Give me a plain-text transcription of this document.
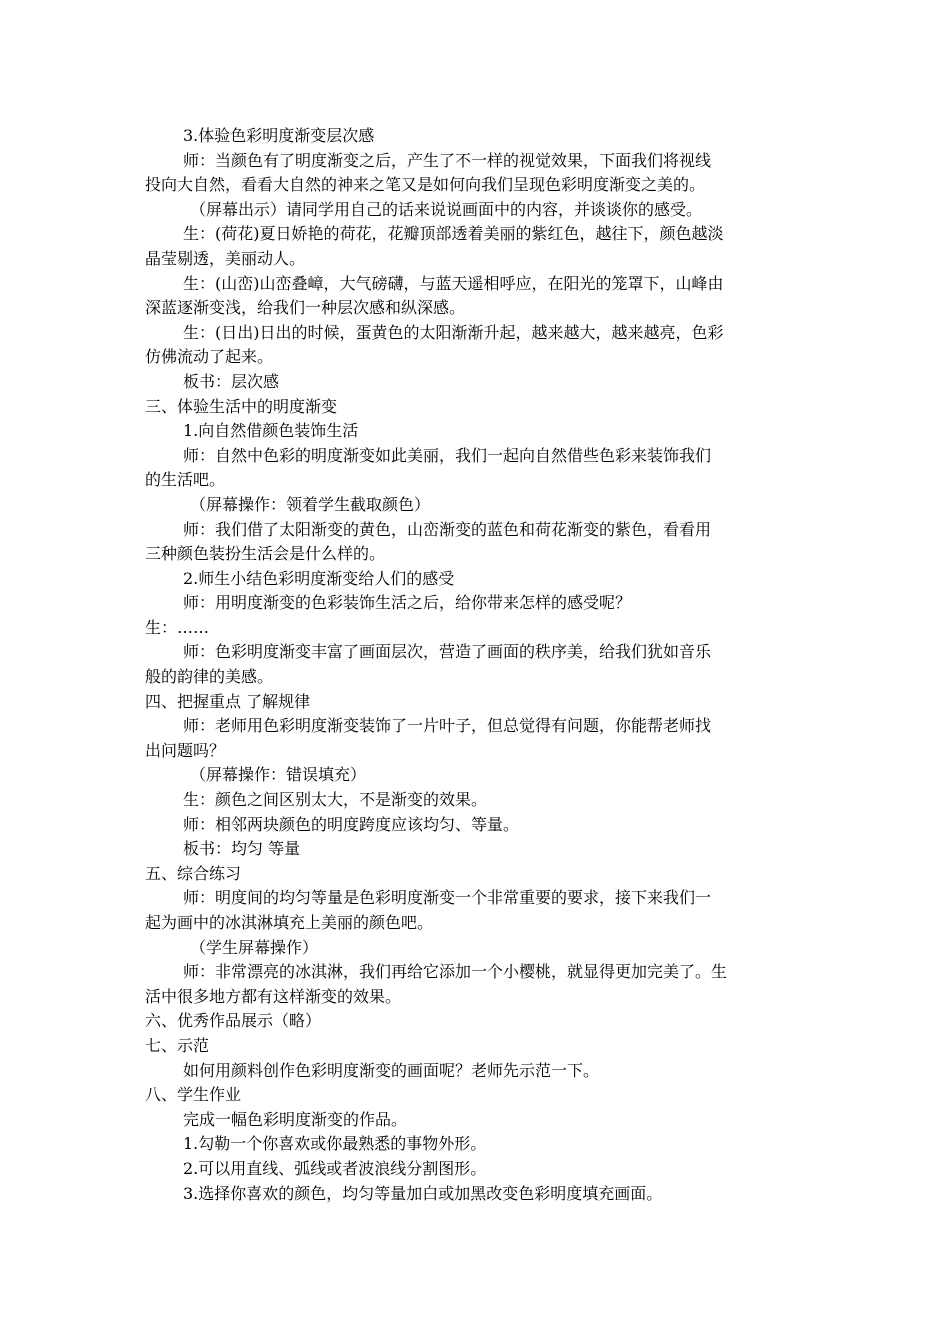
3.体验色彩明度渐变层次感
师：当颜色有了明度渐变之后，产生了不一样的视觉效果，下面我们将视线
投向大自然，看看大自然的神来之笔又是如何向我们呈现色彩明度渐变之美的。
（屏幕出示）请同学用自己的话来说说画面中的内容，并谈谈你的感受。
生：(荷花)夏日娇艳的荷花，花瓣顶部透着美丽的紫红色，越往下，颜色越淡
晶莹剔透，美丽动人。
生：(山峦)山峦叠嶂，大气磅礴，与蓝天遥相呼应，在阳光的笼罩下，山峰由
深蓝逐渐变浅，给我们一种层次感和纵深感。
生：(日出)日出的时候，蛋黄色的太阳渐渐升起，越来越大，越来越亮，色彩
仿佛流动了起来。
板书：层次感
三、体验生活中的明度渐变
1.向自然借颜色装饰生活
师：自然中色彩的明度渐变如此美丽，我们一起向自然借些色彩来装饰我们
的生活吧。
（屏幕操作：领着学生截取颜色）
师：我们借了太阳渐变的黄色，山峦渐变的蓝色和荷花渐变的紫色，看看用
三种颜色装扮生活会是什么样的。
2.师生小结色彩明度渐变给人们的感受
师：用明度渐变的色彩装饰生活之后，给你带来怎样的感受呢？
生：……
师：色彩明度渐变丰富了画面层次，营造了画面的秩序美，给我们犹如音乐
般的韵律的美感。
四、把握重点 了解规律
师：老师用色彩明度渐变装饰了一片叶子，但总觉得有问题，你能帮老师找
出问题吗？
（屏幕操作：错误填充）
生：颜色之间区别太大，不是渐变的效果。
师：相邻两块颜色的明度跨度应该均匀、等量。
板书：均匀 等量
五、综合练习
师：明度间的均匀等量是色彩明度渐变一个非常重要的要求，接下来我们一
起为画中的冰淇淋填充上美丽的颜色吧。
（学生屏幕操作）
师：非常漂亮的冰淇淋，我们再给它添加一个小樱桃，就显得更加完美了。生
活中很多地方都有这样渐变的效果。
六、优秀作品展示（略）
七、示范
如何用颜料创作色彩明度渐变的画面呢？老师先示范一下。
八、学生作业
完成一幅色彩明度渐变的作品。
1.勾勒一个你喜欢或你最熟悉的事物外形。
2.可以用直线、弧线或者波浪线分割图形。
3.选择你喜欢的颜色，均匀等量加白或加黑改变色彩明度填充画面。
